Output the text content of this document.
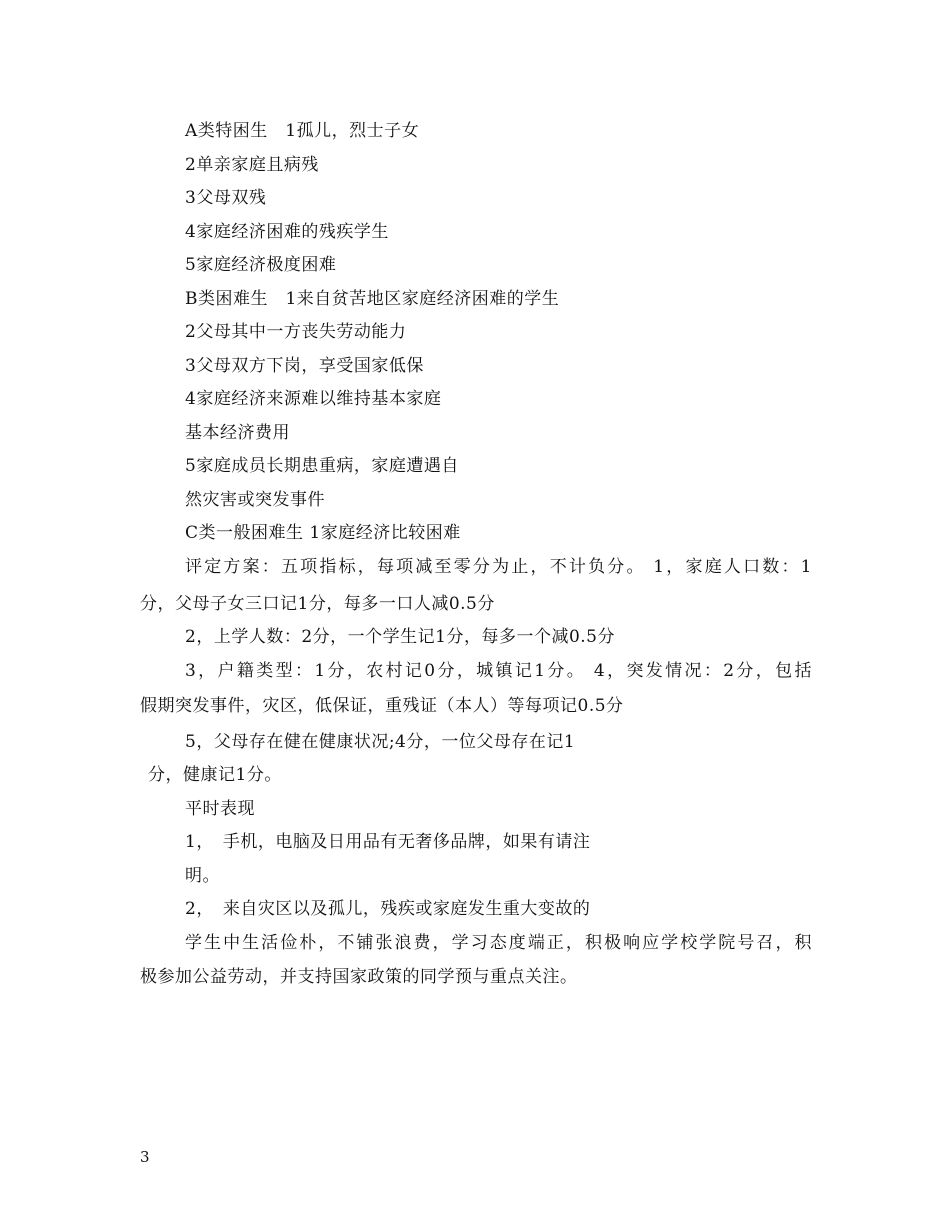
A类特困生　1孤儿，烈士子女
2单亲家庭且病残
3父母双残
4家庭经济困难的残疾学生
5家庭经济极度困难
B类困难生　1来自贫苦地区家庭经济困难的学生
2父母其中一方丧失劳动能力
3父母双方下岗，享受国家低保
4家庭经济来源难以维持基本家庭
基本经济费用
5家庭成员长期患重病，家庭遭遇自
然灾害或突发事件
C类一般困难生 1家庭经济比较困难
评定方案：五项指标，每项减至零分为止，不计负分。 1，家庭人口数：1
分，父母子女三口记1分，每多一口人减0.5分
2，上学人数：2分，一个学生记1分，每多一个减0.5分
3，户籍类型：1分，农村记0分，城镇记1分。 4，突发情况：2分，包括
假期突发事件，灾区，低保证，重残证（本人）等每项记0.5分
5，父母存在健在健康状况;4分，一位父母存在记1
分，健康记1分。
平时表现
1，　手机，电脑及日用品有无奢侈品牌，如果有请注
明。
2，　来自灾区以及孤儿，残疾或家庭发生重大变故的
学生中生活俭朴，不铺张浪费，学习态度端正，积极响应学校学院号召，积
极参加公益劳动，并支持国家政策的同学预与重点关注。
3
